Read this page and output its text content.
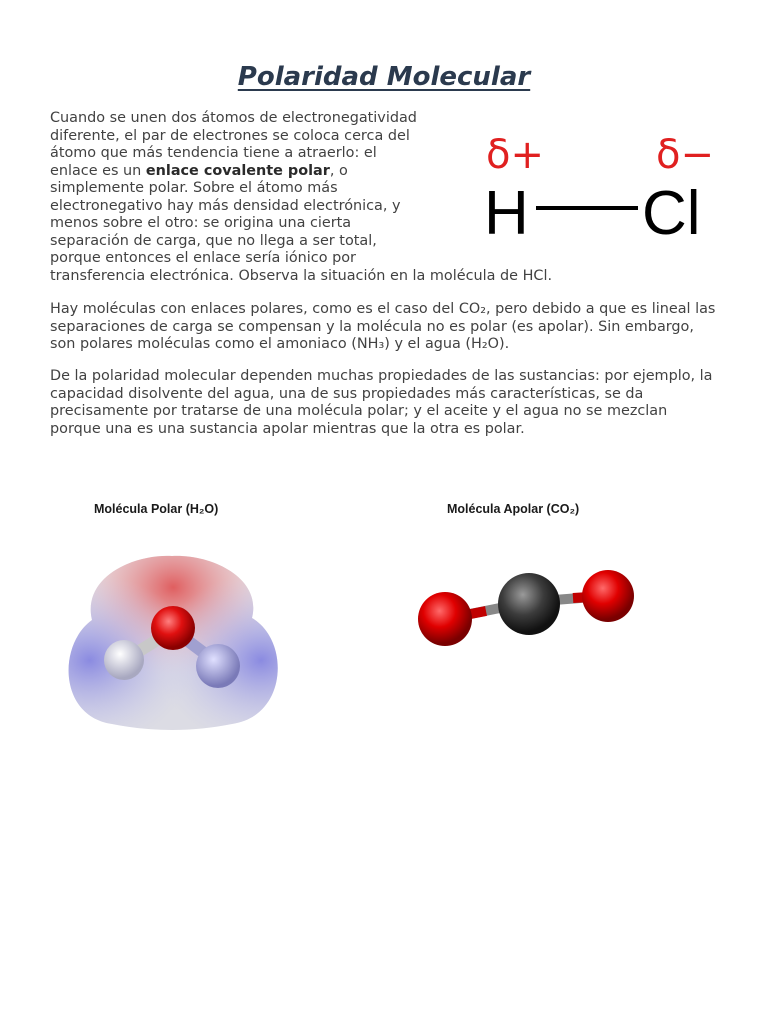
Polaridad Molecular

Cuando se unen dos átomos de electronegatividad
diferente, el par de electrones se coloca cerca del
átomo que más tendencia tiene a atraerlo: el
enlace es un enlace covalente polar, o
simplemente polar. Sobre el átomo más
electronegativo hay más densidad electrónica, y
menos sobre el otro: se origina una cierta
separación de carga, que no llega a ser total,
porque entonces el enlace sería iónico por
transferencia electrónica. Observa la situación en la molécula de HCl.

δ+	δ−
H Cl

Hay moléculas con enlaces polares, como es el caso del CO₂, pero debido a que es lineal las separaciones de carga se compensan y la molécula no es polar (es apolar). Sin embargo, son polares moléculas como el amoniaco (NH₃) y el agua (H₂O).

De la polaridad molecular dependen muchas propiedades de las sustancias: por ejemplo, la capacidad disolvente del agua, una de sus propiedades más características, se da precisamente por tratarse de una molécula polar; y el aceite y el agua no se mezclan porque una es una sustancia apolar mientras que la otra es polar.

Molécula Polar (H₂O)	Molécula Apolar (CO₂)
